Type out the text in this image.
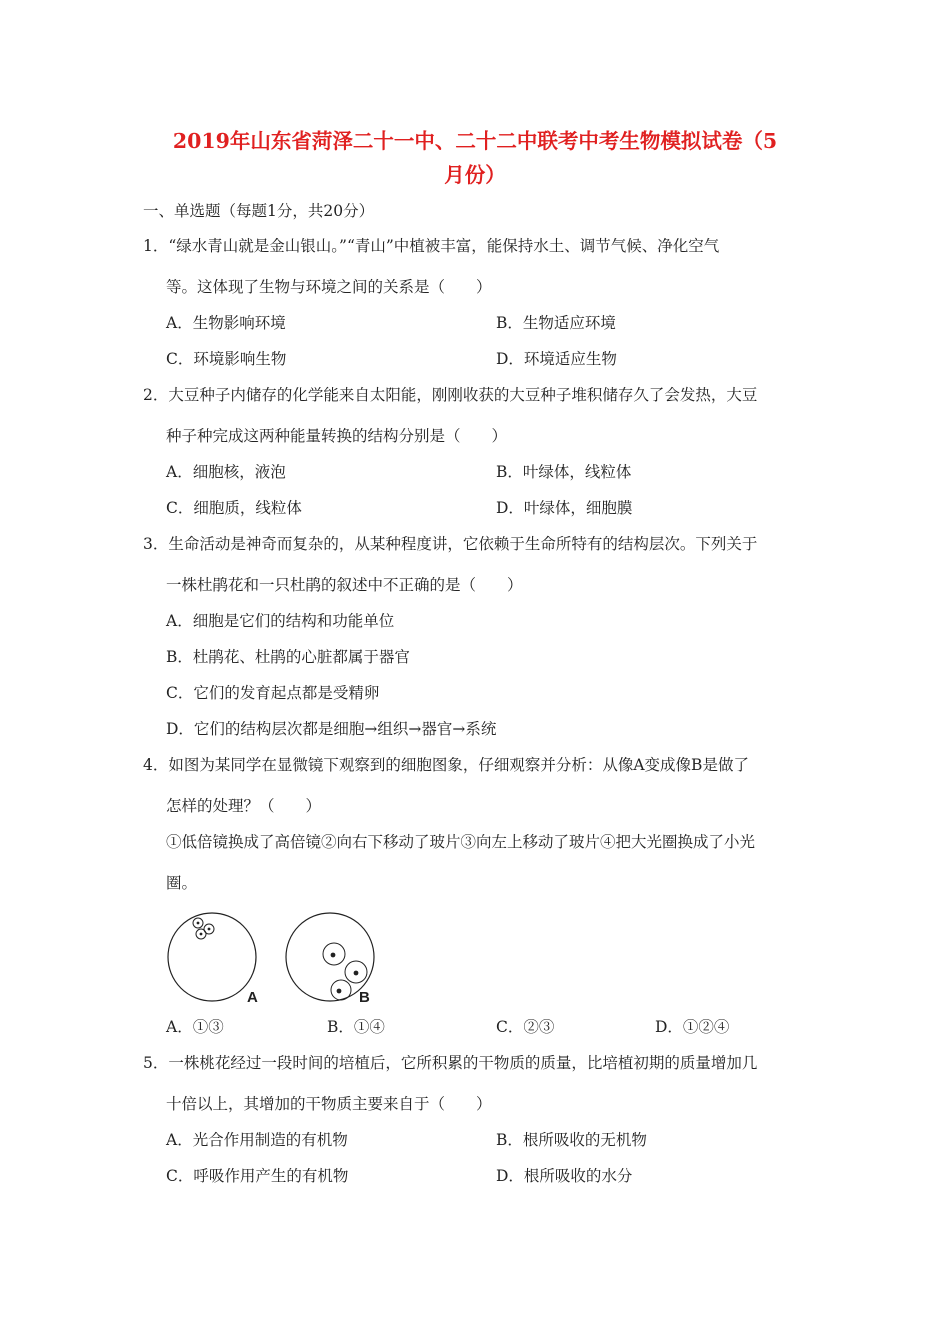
2019年山东省菏泽二十一中、二十二中联考中考生物模拟试卷（5
月份）
一、单选题（每题1分，共20分）
1．“绿水青山就是金山银山。”“青山”中植被丰富，能保持水土、调节气候、净化空气
等。这体现了生物与环境之间的关系是（　　）
A．生物影响环境	B．生物适应环境
C．环境影响生物	D．环境适应生物
2．大豆种子内储存的化学能来自太阳能，刚刚收获的大豆种子堆积储存久了会发热，大豆
种子种完成这两种能量转换的结构分别是（　　）
A．细胞核，液泡	B．叶绿体，线粒体
C．细胞质，线粒体	D．叶绿体，细胞膜
3．生命活动是神奇而复杂的，从某种程度讲，它依赖于生命所特有的结构层次。下列关于
一株杜鹃花和一只杜鹃的叙述中不正确的是（　　）
A．细胞是它们的结构和功能单位
B．杜鹃花、杜鹃的心脏都属于器官
C．它们的发育起点都是受精卵
D．它们的结构层次都是细胞→组织→器官→系统
4．如图为某同学在显微镜下观察到的细胞图象，仔细观察并分析：从像A变成像B是做了
怎样的处理？（　　）
①低倍镜换成了高倍镜②向右下移动了玻片③向左上移动了玻片④把大光圈换成了小光
圈。
A	B
A．①③	B．①④	C．②③	D．①②④
5．一株桃花经过一段时间的培植后，它所积累的干物质的质量，比培植初期的质量增加几
十倍以上，其增加的干物质主要来自于（　　）
A．光合作用制造的有机物	B．根所吸收的无机物
C．呼吸作用产生的有机物	D．根所吸收的水分
